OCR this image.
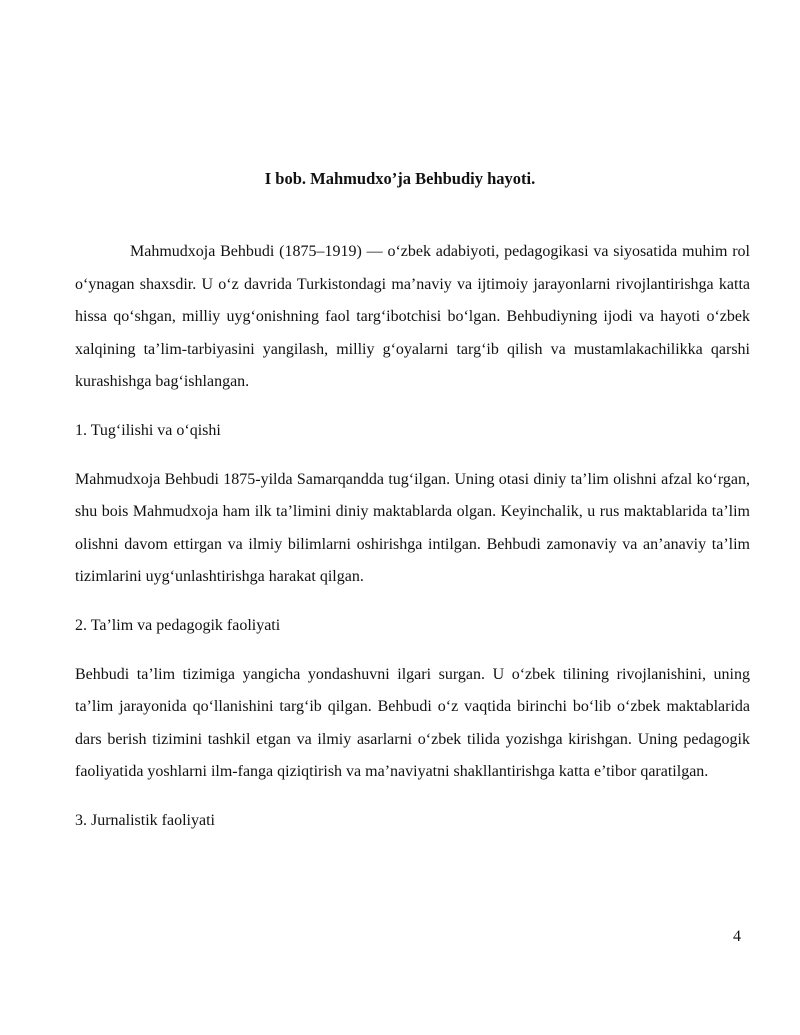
I bob. Mahmudxo’ja Behbudiy hayoti.

Mahmudxoja Behbudi (1875–1919) — o‘zbek adabiyoti, pedagogikasi va siyosatida muhim rol o‘ynagan shaxsdir. U o‘z davrida Turkistondagi ma’naviy va ijtimoiy jarayonlarni rivojlantirishga katta hissa qo‘shgan, milliy uyg‘onishning faol targ‘ibotchisi bo‘lgan. Behbudiyning ijodi va hayoti o‘zbek xalqining ta’lim-tarbiyasini yangilash, milliy g‘oyalarni targ‘ib qilish va mustamlakachilikka qarshi kurashishga bag‘ishlangan.

1. Tug‘ilishi va o‘qishi

Mahmudxoja Behbudi 1875-yilda Samarqandda tug‘ilgan. Uning otasi diniy ta’lim olishni afzal ko‘rgan, shu bois Mahmudxoja ham ilk ta’limini diniy maktablarda olgan. Keyinchalik, u rus maktablarida ta’lim olishni davom ettirgan va ilmiy bilimlarni oshirishga intilgan. Behbudi zamonaviy va an’anaviy ta’lim tizimlarini uyg‘unlashtirishga harakat qilgan.

2. Ta’lim va pedagogik faoliyati

Behbudi ta’lim tizimiga yangicha yondashuvni ilgari surgan. U o‘zbek tilining rivojlanishini, uning ta’lim jarayonida qo‘llanishini targ‘ib qilgan. Behbudi o‘z vaqtida birinchi bo‘lib o‘zbek maktablarida dars berish tizimini tashkil etgan va ilmiy asarlarni o‘zbek tilida yozishga kirishgan. Uning pedagogik faoliyatida yoshlarni ilm-fanga qiziqtirish va ma’naviyatni shakllantirishga katta e’tibor qaratilgan.

3. Jurnalistik faoliyati

4
